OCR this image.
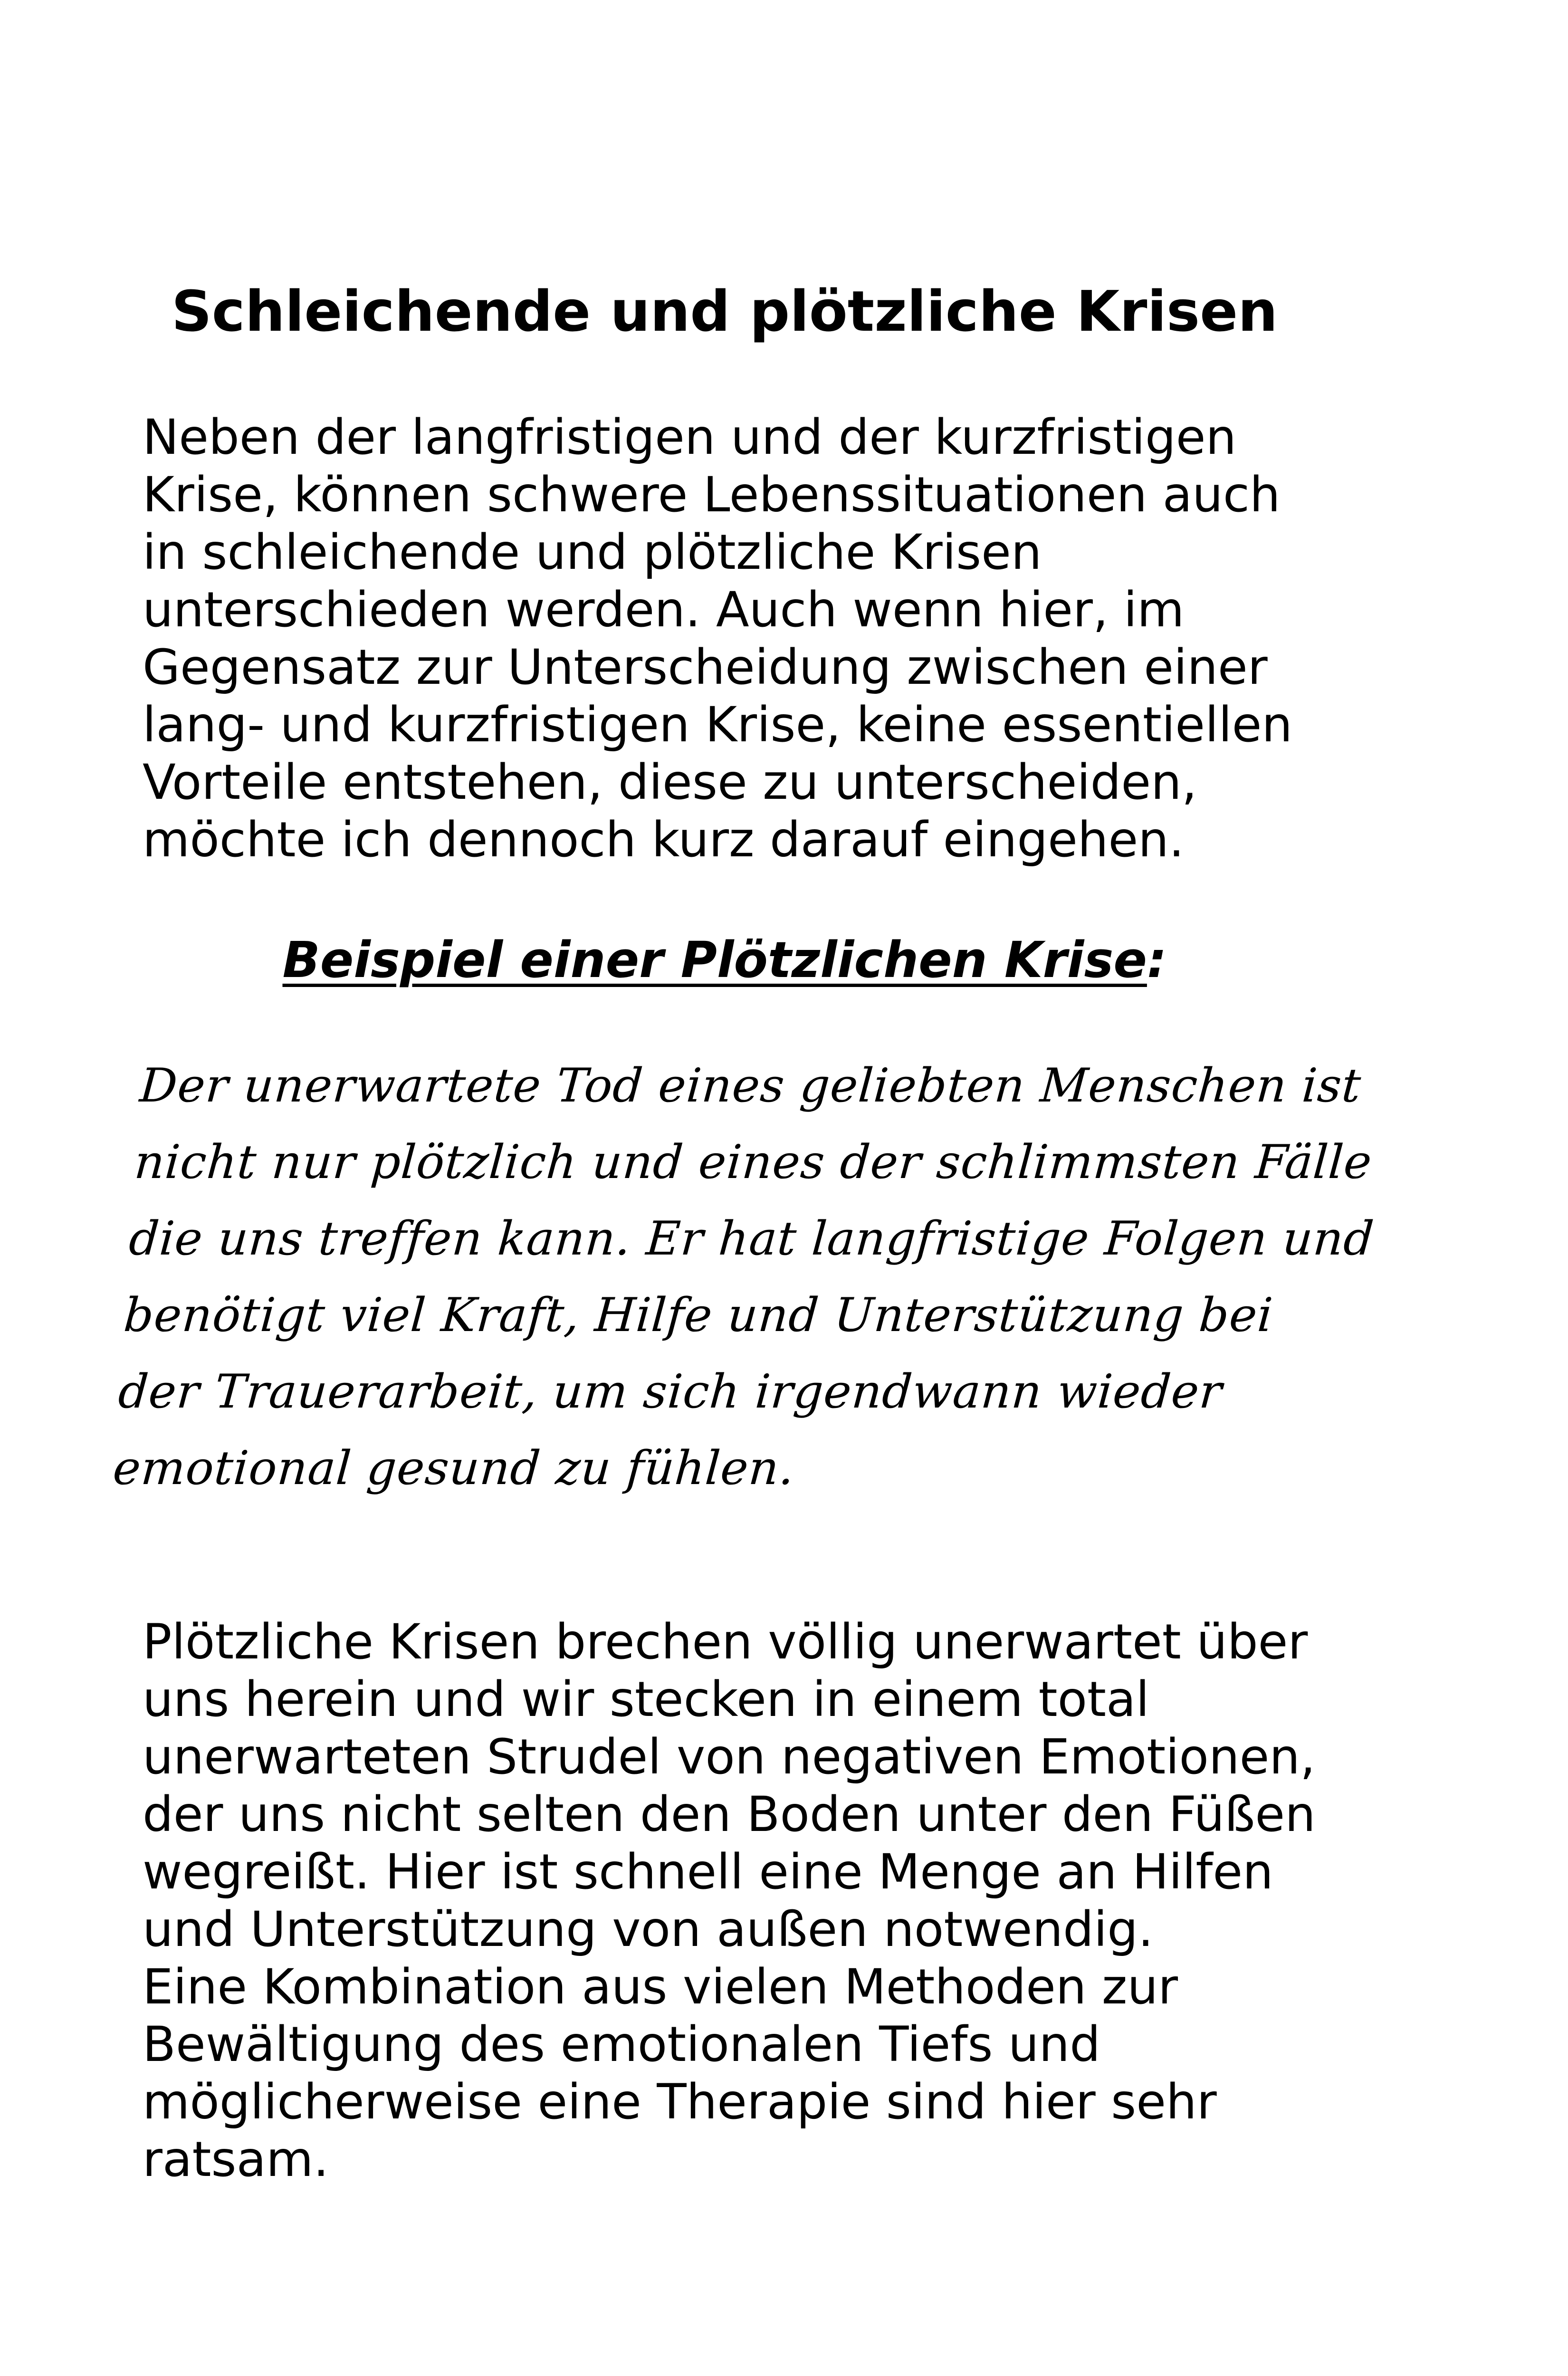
Schleichende und plötzliche Krisen

Neben der langfristigen und der kurzfristigen
Krise, können schwere Lebenssituationen auch
in schleichende und plötzliche Krisen
unterschieden werden. Auch wenn hier, im
Gegensatz zur Unterscheidung zwischen einer
lang- und kurzfristigen Krise, keine essentiellen
Vorteile entstehen, diese zu unterscheiden,
möchte ich dennoch kurz darauf eingehen.

Beispiel einer Plötzlichen Krise:

Der unerwartete Tod eines geliebten Menschen ist
nicht nur plötzlich und eines der schlimmsten Fälle
die uns treffen kann. Er hat langfristige Folgen und
benötigt viel Kraft, Hilfe und Unterstützung bei
der Trauerarbeit, um sich irgendwann wieder
emotional gesund zu fühlen.

Plötzliche Krisen brechen völlig unerwartet über
uns herein und wir stecken in einem total
unerwarteten Strudel von negativen Emotionen,
der uns nicht selten den Boden unter den Füßen
wegreißt. Hier ist schnell eine Menge an Hilfen
und Unterstützung von außen notwendig.
Eine Kombination aus vielen Methoden zur
Bewältigung des emotionalen Tiefs und
möglicherweise eine Therapie sind hier sehr
ratsam.
